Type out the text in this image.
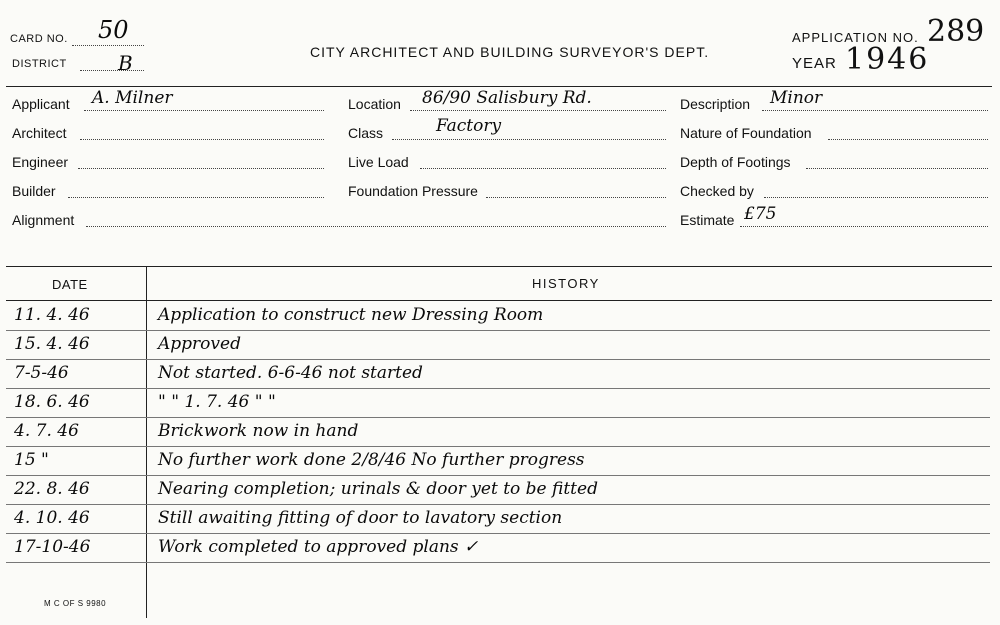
CARD NO. 50
DISTRICT	B	CITY ARCHITECT AND BUILDING SURVEYOR'S DEPT.
APPLICATION NO. 289
YEAR 1946
Applicant A. Milner
Architect
Engineer
Builder
Alignment
Location 86/90 Salisbury Rd.
Class	Factory
Live Load
Foundation Pressure
Description Minor
Nature of Foundation
Depth of Footings
Checked by
Estimate £75
DATE	HISTORY
11. 4. 46	Application to construct new Dressing Room
15. 4. 46	Approved
7-5-46	Not started. 6-6-46 not started
18. 6. 46	" " 1. 7. 46 " "
4. 7. 46	Brickwork now in hand
15 "	No further work done 2/8/46 No further progress
22. 8. 46	Nearing completion; urinals & door yet to be fitted
4. 10. 46	Still awaiting fitting of door to lavatory section
17-10-46	Work completed to approved plans ✓
M C OF S 9980
